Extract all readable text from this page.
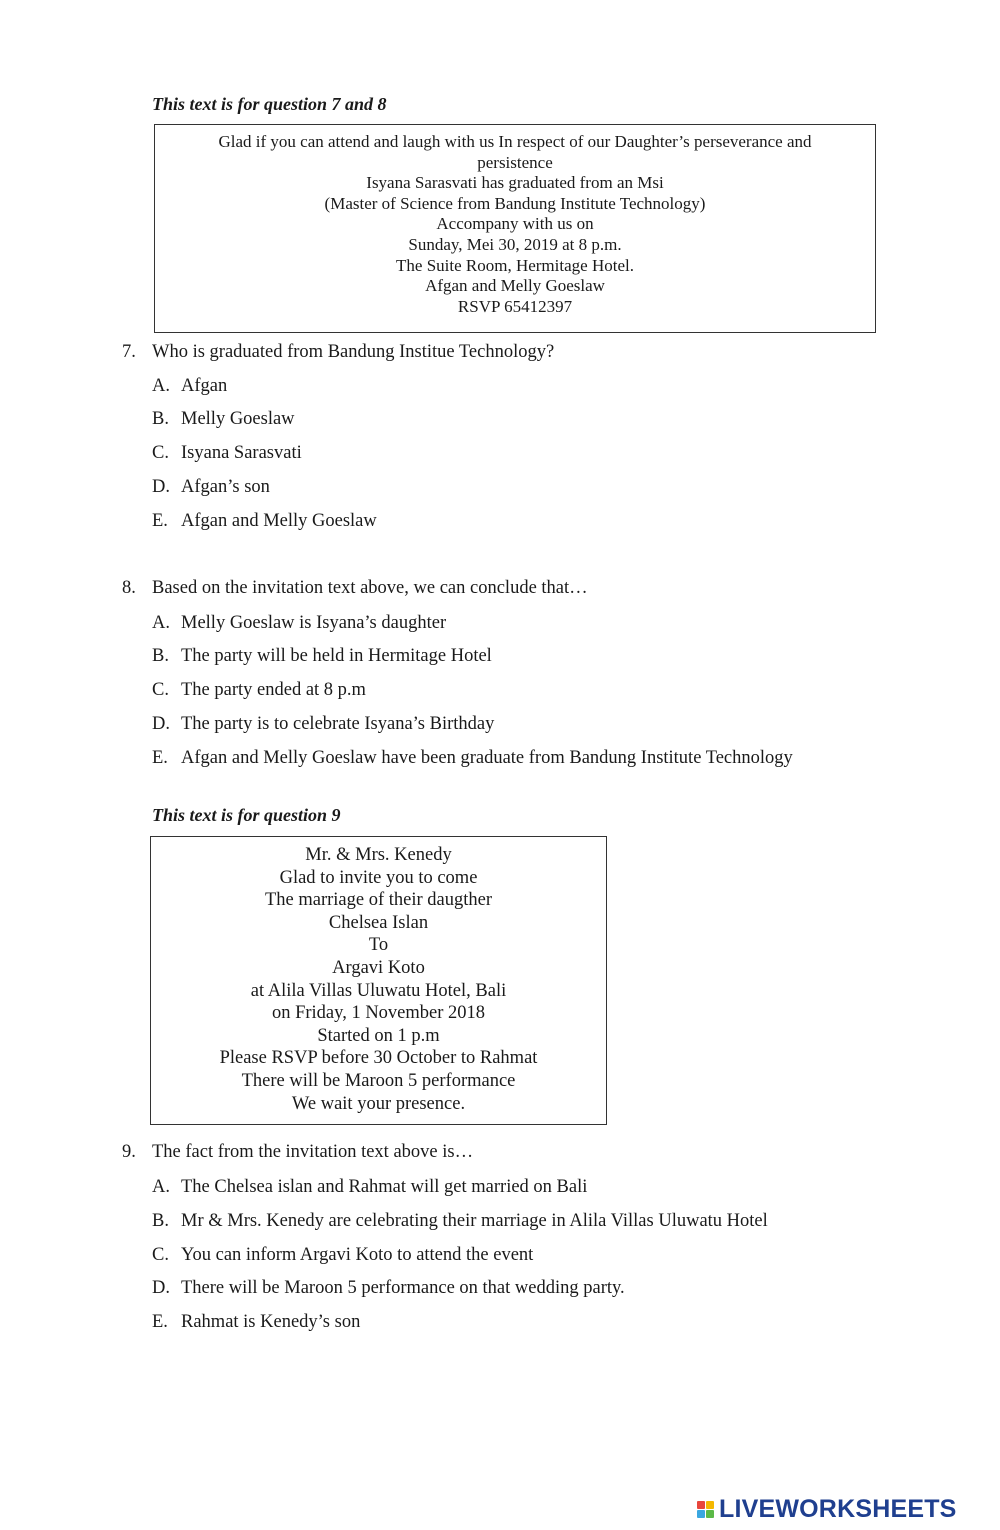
This text is for question 7 and 8
Glad if you can attend and laugh with us In respect of our Daughter’s perseverance and persistence
Isyana Sarasvati has graduated from an Msi
(Master of Science from Bandung Institute Technology)
Accompany with us on
Sunday, Mei 30, 2019 at 8 p.m.
The Suite Room, Hermitage Hotel.
Afgan and Melly Goeslaw
RSVP 65412397
7. Who is graduated from Bandung Institue Technology?
A. Afgan
B. Melly Goeslaw
C. Isyana Sarasvati
D. Afgan’s son
E. Afgan and Melly Goeslaw
8. Based on the invitation text above, we can conclude that…
A. Melly Goeslaw is Isyana’s daughter
B. The party will be held in Hermitage Hotel
C. The party ended at 8 p.m
D. The party is to celebrate Isyana’s Birthday
E. Afgan and Melly Goeslaw have been graduate from Bandung Institute Technology
This text is for question 9
Mr. & Mrs. Kenedy
Glad to invite you to come
The marriage of their daugther
Chelsea Islan
To
Argavi Koto
at Alila Villas Uluwatu Hotel, Bali
on Friday, 1 November 2018
Started on 1 p.m
Please RSVP before 30 October to Rahmat
There will be Maroon 5 performance
We wait your presence.
9. The fact from the invitation text above is…
A. The Chelsea islan and Rahmat will get married on Bali
B. Mr & Mrs. Kenedy are celebrating their marriage in Alila Villas Uluwatu Hotel
C. You can inform Argavi Koto to attend the event
D. There will be Maroon 5 performance on that wedding party.
E. Rahmat is Kenedy’s son
LIVEWORKSHEETS
